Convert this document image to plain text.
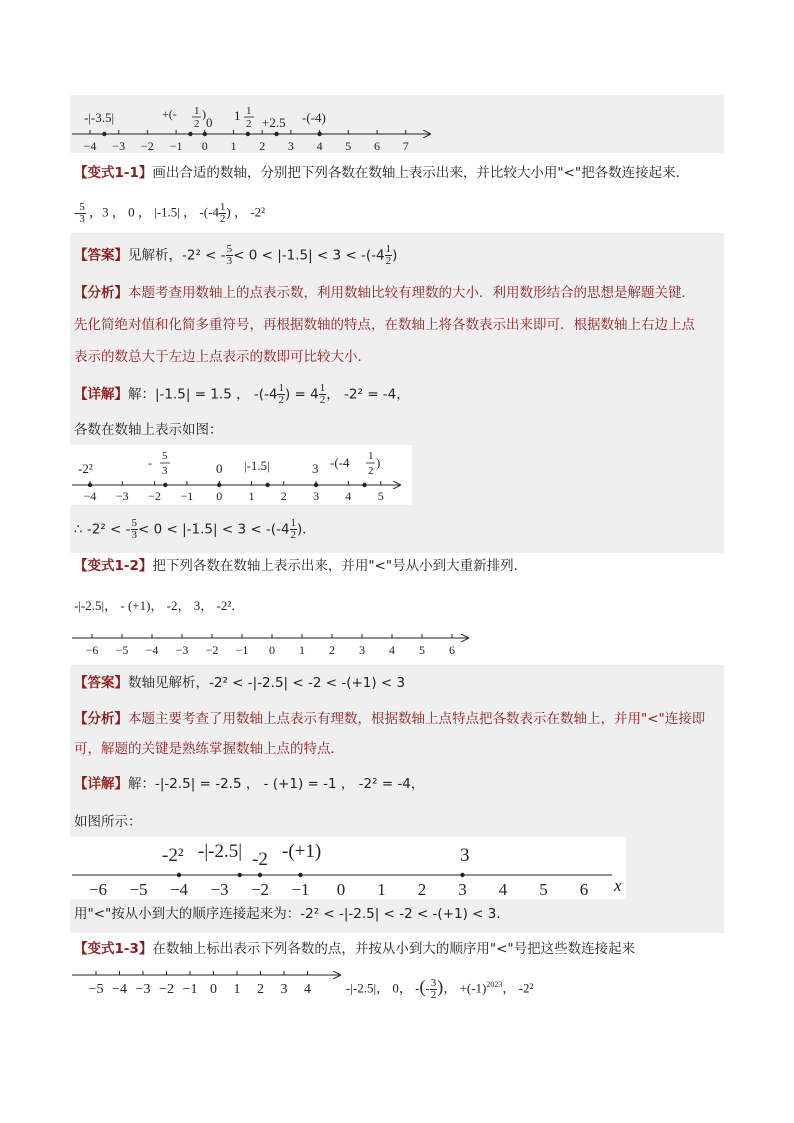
−4 −3 −2 −1 0 1 2 3 4 5 6 7
-|-3.5|	+(- 1
2
)
0 1 1
2 +2.5 -(-4)
【变式1-1】画出合适的数轴，分别把下列各数在数轴上表示出来，并比较大小用"<"把各数连接起来．
- $\frac{5}{3}$ ，3 ， 0 ， |-1.5| ， $-(-4 \frac{1}{2}$ ) ， -2²
【答案】见解析，-2² < - $\frac{5}{3} < 0 < |-1.5| < 3 < -(-4 \frac{1}{2}$ )
【分析】本题考查用数轴上的点表示数，利用数轴比较有理数的大小．利用数形结合的思想是解题关键．
先化简绝对值和化简多重符号，再根据数轴的特点，在数轴上将各数表示出来即可．根据数轴上右边上点
表示的数总大于左边上点表示的数即可比较大小．
【详解】解：|-1.5| = 1.5 ， $-(-4 \frac{1}{2}$ ) = $4 \frac{1}{2}$ ， -2² = -4，
各数在数轴上表示如图：
−4 −3 −2 −1 0 1 2 3 4 5
-2²	- 5
3	0 |-1.5|	3 -(-4 1
2
)
∴ -2² < - $\frac{5}{3} < 0 < |-1.5| < 3 < -(-4 \frac{1}{2}$ )．
【变式1-2】把下列各数在数轴上表示出来，并用"<"号从小到大重新排列．
-|-2.5|， - (+1)， -2， 3， -2²．
−6 −5 −4 −3 −2 −1 0 1 2 3 4 5 6
【答案】数轴见解析，-2² < -|-2.5| < -2 < -(+1) < 3
【分析】本题主要考查了用数轴上点表示有理数，根据数轴上点特点把各数表示在数轴上，并用"<"连接即
可，解题的关键是熟练掌握数轴上点的特点．
【详解】解：-|-2.5| = -2.5 ， - (+1) = -1 ， -2² = -4，
如图所示：
−6 −5 −4 −3 −2 −1 0 1 2 3 4 5 6
-2² -|-2.5| -2 -(+1)	3
x
用"<"按从小到大的顺序连接起来为：-2² < -|-2.5| < -2 < -(+1) < 3．
【变式1-3】在数轴上标出表示下列各数的点，并按从小到大的顺序用"<"号把这些数连接起来
−5 −4 −3 −2 −1 0 1 2 3 4	-|-2.5|， 0， -(- $\frac{3}{2}$ )， $+(-1)^{2023}$， -2²
